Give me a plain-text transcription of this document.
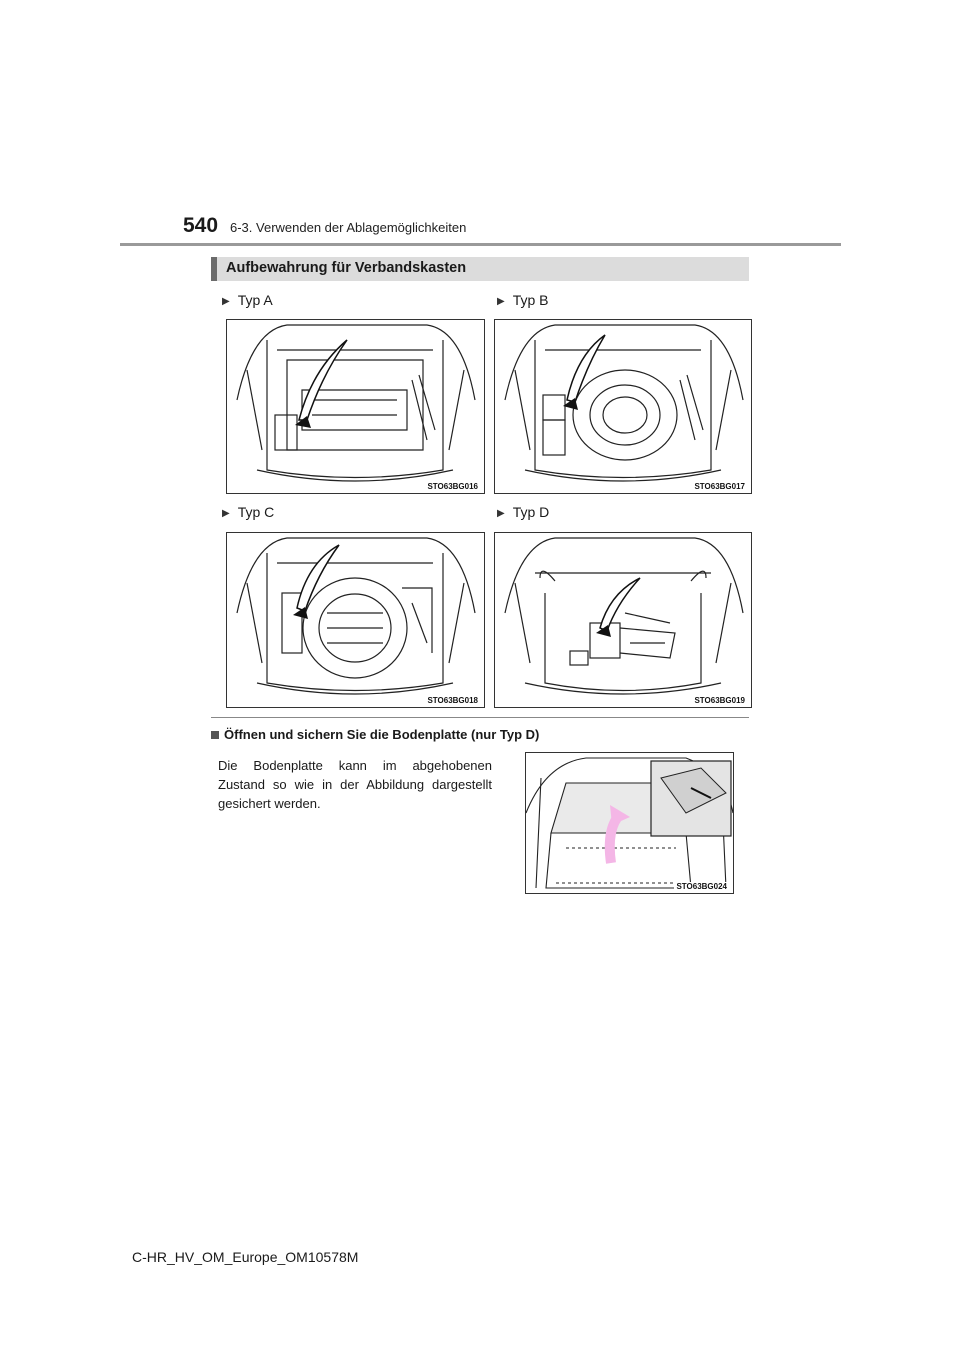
540 6-3. Verwenden der Ablagemöglichkeiten
Aufbewahrung für Verbandskasten
▶ Typ A	▶ Typ B
▶ Typ C	▶ Typ D
STO63BG016	STO63BG017
STO63BG018	STO63BG019
Öffnen und sichern Sie die Bodenplatte (nur Typ D)
Die Bodenplatte kann im abgehobenen Zustand so wie in der Abbildung dargestellt gesichert werden.
STO63BG024
C-HR_HV_OM_Europe_OM10578M
